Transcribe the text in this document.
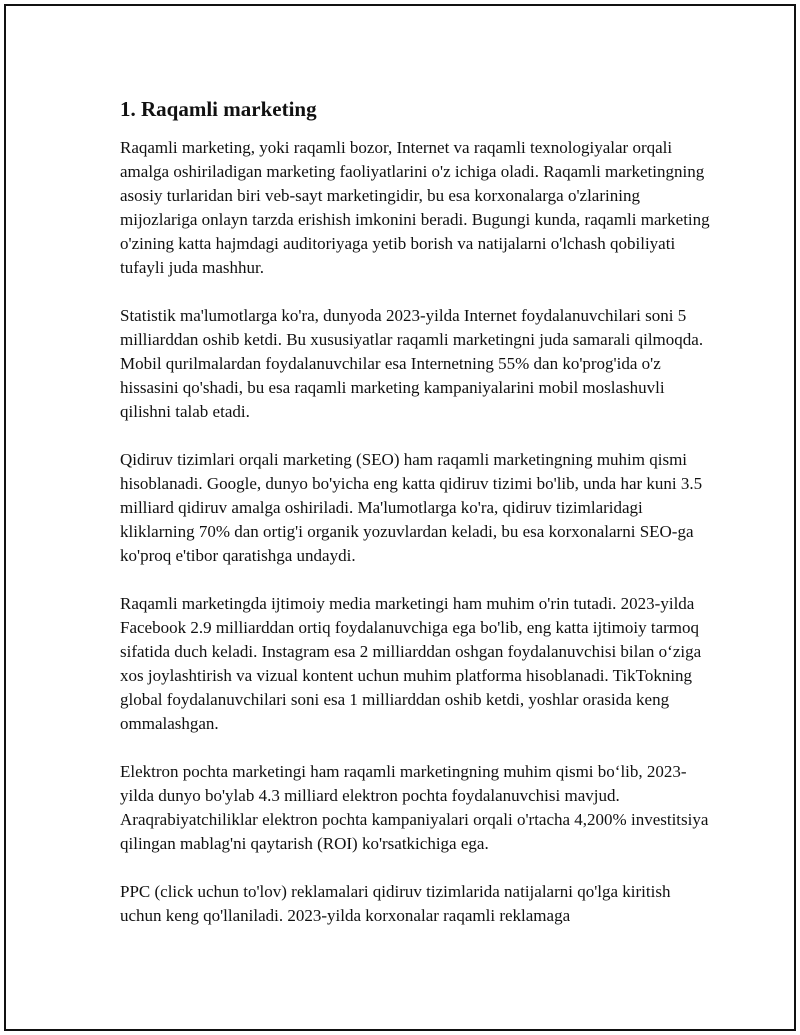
1. Raqamli marketing

Raqamli marketing, yoki raqamli bozor, Internet va raqamli texnologiyalar orqali amalga oshiriladigan marketing faoliyatlarini o'z ichiga oladi. Raqamli marketingning asosiy turlaridan biri veb-sayt marketingidir, bu esa korxonalarga o'zlarining mijozlariga onlayn tarzda erishish imkonini beradi. Bugungi kunda, raqamli marketing o'zining katta hajmdagi auditoriyaga yetib borish va natijalarni o'lchash qobiliyati tufayli juda mashhur.

Statistik ma'lumotlarga ko'ra, dunyoda 2023-yilda Internet foydalanuvchilari soni 5 milliarddan oshib ketdi. Bu xususiyatlar raqamli marketingni juda samarali qilmoqda. Mobil qurilmalardan foydalanuvchilar esa Internetning 55% dan ko'prog'ida o'z hissasini qo'shadi, bu esa raqamli marketing kampaniyalarini mobil moslashuvli qilishni talab etadi.

Qidiruv tizimlari orqali marketing (SEO) ham raqamli marketingning muhim qismi hisoblanadi. Google, dunyo bo'yicha eng katta qidiruv tizimi bo'lib, unda har kuni 3.5 milliard qidiruv amalga oshiriladi. Ma'lumotlarga ko'ra, qidiruv tizimlaridagi kliklarning 70% dan ortig'i organik yozuvlardan keladi, bu esa korxonalarni SEO-ga ko'proq e'tibor qaratishga undaydi.

Raqamli marketingda ijtimoiy media marketingi ham muhim o'rin tutadi. 2023-yilda Facebook 2.9 milliarddan ortiq foydalanuvchiga ega bo'lib, eng katta ijtimoiy tarmoq sifatida duch keladi. Instagram esa 2 milliarddan oshgan foydalanuvchisi bilan o‘ziga xos joylashtirish va vizual kontent uchun muhim platforma hisoblanadi. TikTokning global foydalanuvchilari soni esa 1 milliarddan oshib ketdi, yoshlar orasida keng ommalashgan.

Elektron pochta marketingi ham raqamli marketingning muhim qismi bo‘lib, 2023-yilda dunyo bo'ylab 4.3 milliard elektron pochta foydalanuvchisi mavjud. Araqrabiyatchiliklar elektron pochta kampaniyalari orqali o'rtacha 4,200% investitsiya qilingan mablag'ni qaytarish (ROI) ko'rsatkichiga ega.

PPC (click uchun to'lov) reklamalari qidiruv tizimlarida natijalarni qo'lga kiritish uchun keng qo'llaniladi. 2023-yilda korxonalar raqamli reklamaga
